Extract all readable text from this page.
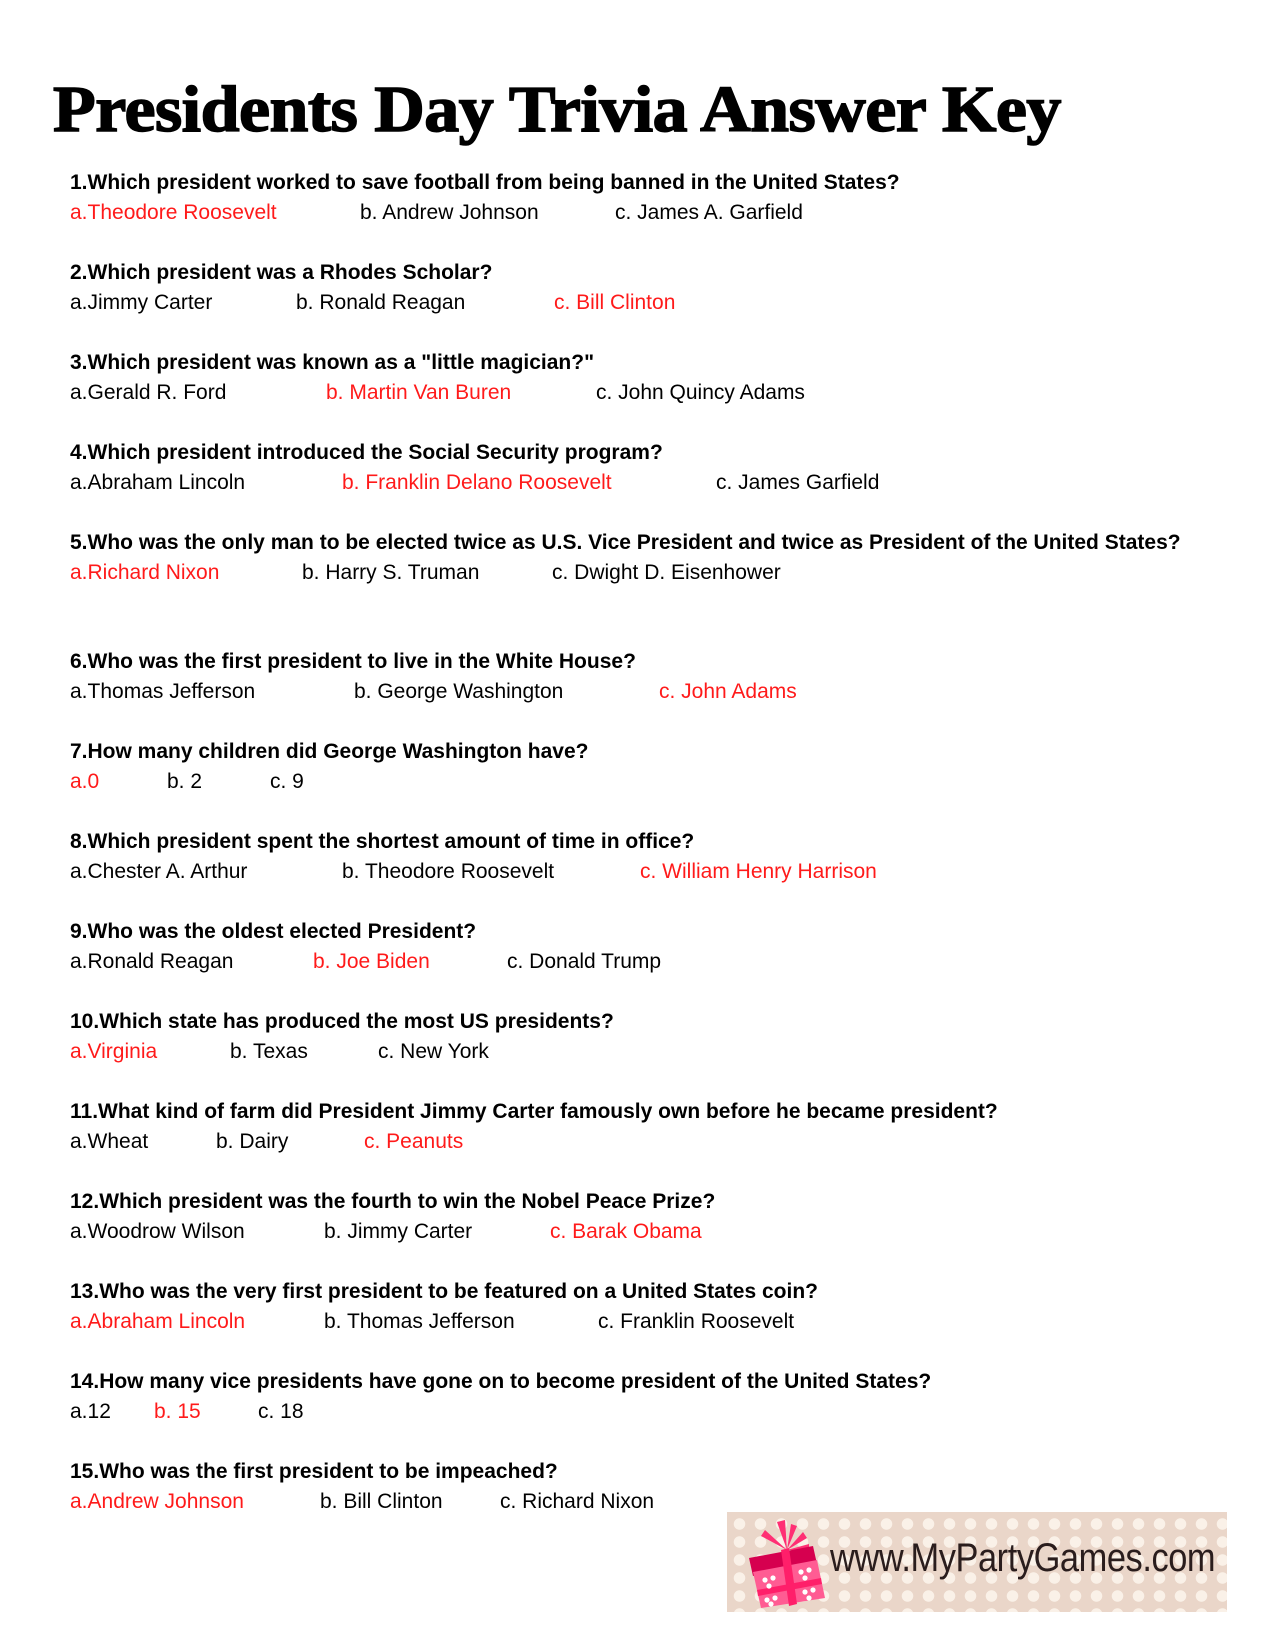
Presidents Day Trivia Answer Key

1.Which president worked to save football from being banned in the United States?

a.Theodore Roosevelt	b. Andrew Johnson	c. James A. Garfield

2.Which president was a Rhodes Scholar?

a.Jimmy Carter	b. Ronald Reagan	c. Bill Clinton

3.Which president was known as a "little magician?"

a.Gerald R. Ford	b. Martin Van Buren	c. John Quincy Adams

4.Which president introduced the Social Security program?

a.Abraham Lincoln	b. Franklin Delano Roosevelt	c. James Garfield

5.Who was the only man to be elected twice as U.S. Vice President and twice as President of the United States?

a.Richard Nixon	b. Harry S. Truman	c. Dwight D. Eisenhower

6.Who was the first president to live in the White House?

a.Thomas Jefferson	b. George Washington	c. John Adams

7.How many children did George Washington have?

a.0	b. 2	c. 9

8.Which president spent the shortest amount of time in office?

a.Chester A. Arthur	b. Theodore Roosevelt	c. William Henry Harrison

9.Who was the oldest elected President?

a.Ronald Reagan	b. Joe Biden	c. Donald Trump

10.Which state has produced the most US presidents?

a.Virginia	b. Texas	c. New York

11.What kind of farm did President Jimmy Carter famously own before he became president?

a.Wheat	b. Dairy	c. Peanuts

12.Which president was the fourth to win the Nobel Peace Prize?

a.Woodrow Wilson	b. Jimmy Carter	c. Barak Obama

13.Who was the very first president to be featured on a United States coin?

a.Abraham Lincoln	b. Thomas Jefferson	c. Franklin Roosevelt

14.How many vice presidents have gone on to become president of the United States?

a.12 b. 15	c. 18

15.Who was the first president to be impeached?

a.Andrew Johnson	b. Bill Clinton	c. Richard Nixon
www.MyPartyGames.com
